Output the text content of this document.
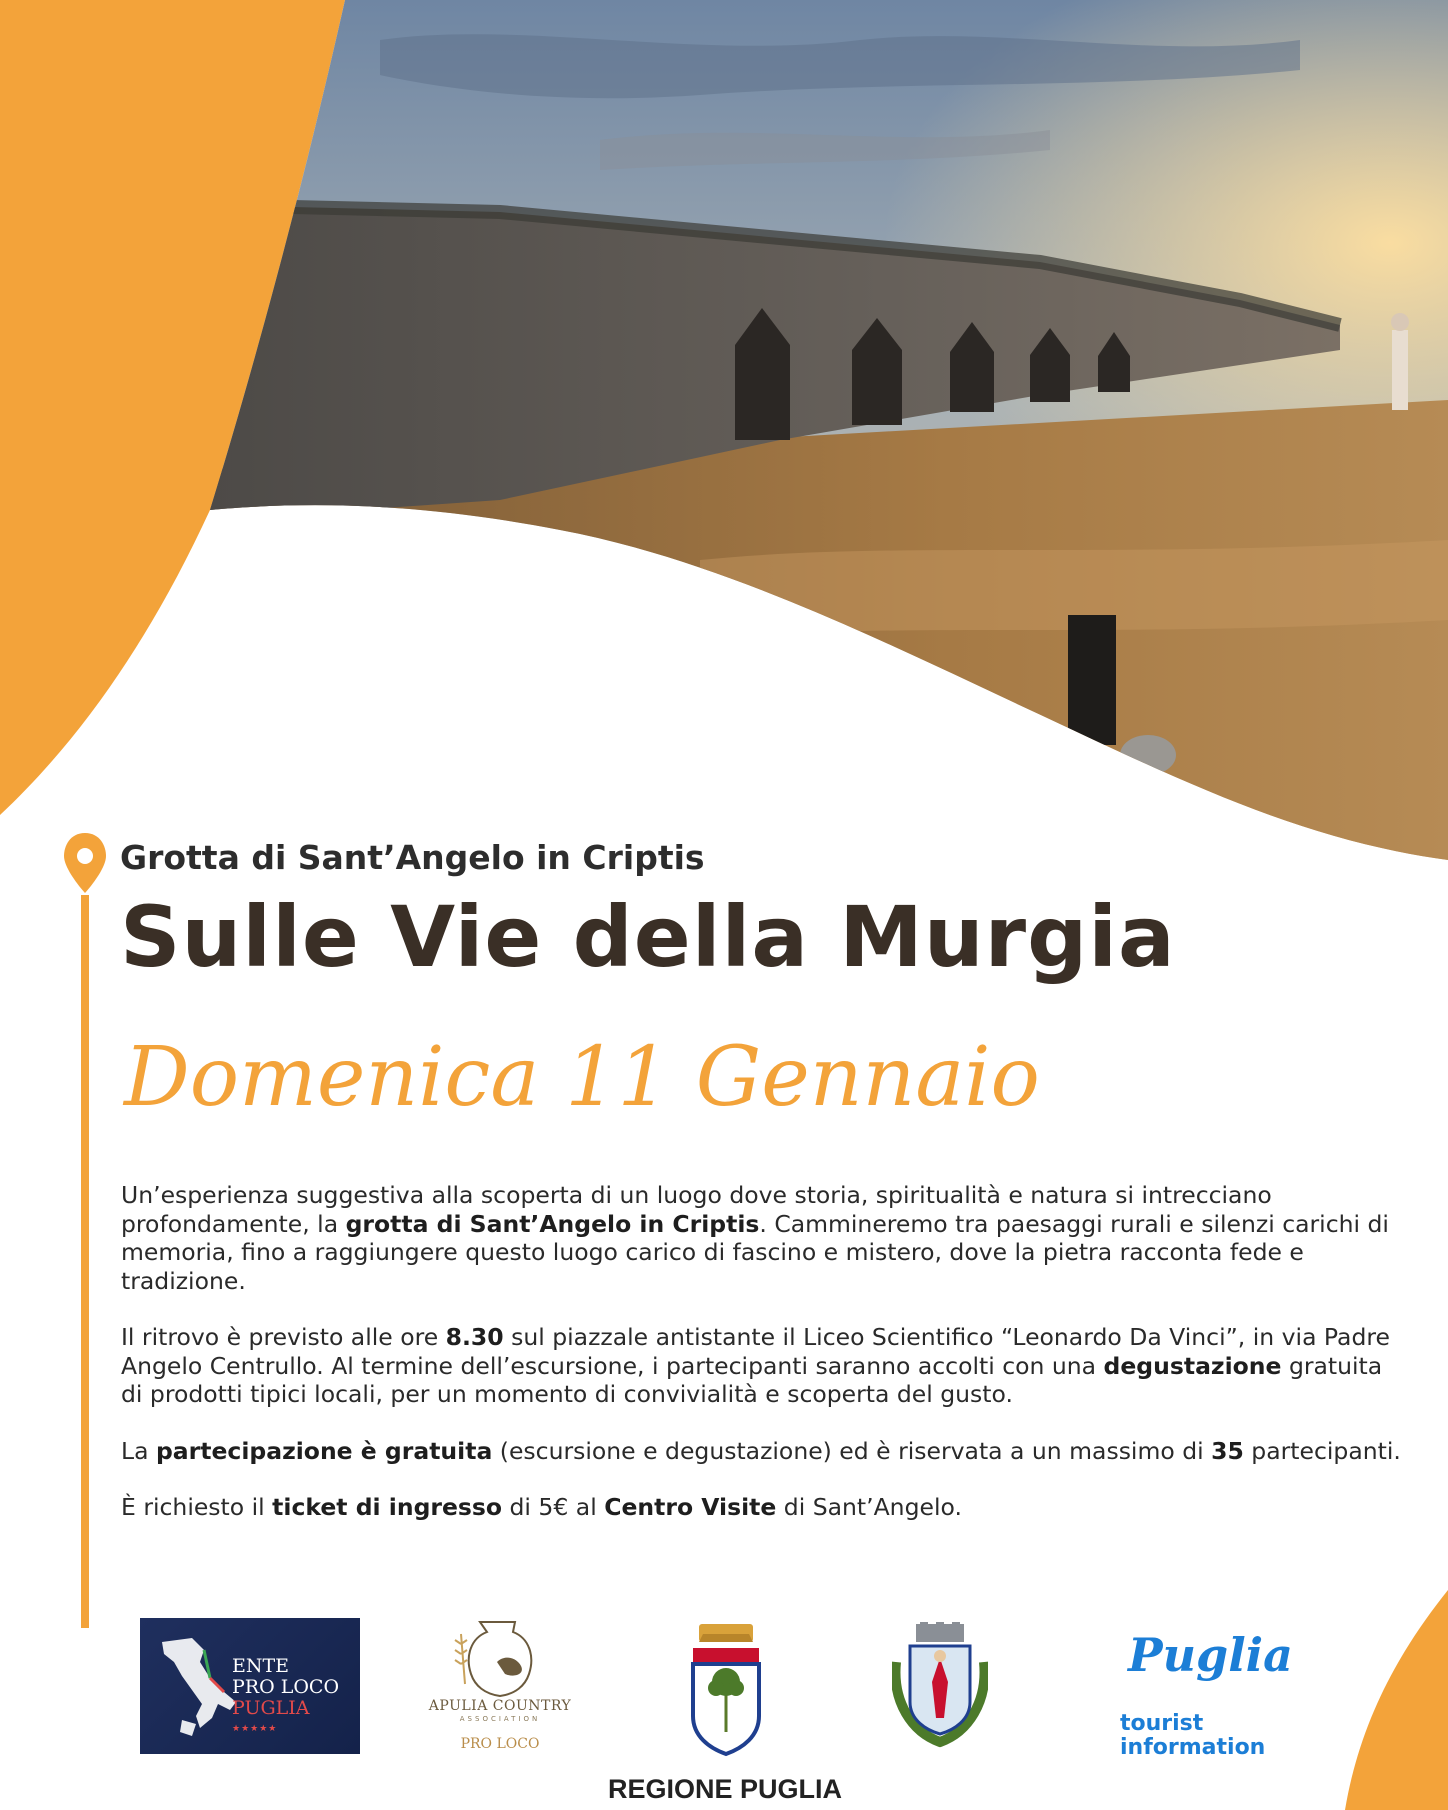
Grotta di Sant’Angelo in Criptis
Sulle Vie della Murgia
Domenica 11 Gennaio

Un’esperienza suggestiva alla scoperta di un luogo dove storia, spiritualità e natura si intrecciano profondamente, la grotta di Sant’Angelo in Criptis. Cammineremo tra paesaggi rurali e silenzi carichi di memoria, fino a raggiungere questo luogo carico di fascino e mistero, dove la pietra racconta fede e tradizione.

Il ritrovo è previsto alle ore 8.30 sul piazzale antistante il Liceo Scientifico “Leonardo Da Vinci”, in via Padre Angelo Centrullo. Al termine dell’escursione, i partecipanti saranno accolti con una degustazione gratuita di prodotti tipici locali, per un momento di convivialità e scoperta del gusto.

La partecipazione è gratuita (escursione e degustazione) ed è riservata a un massimo di 35 partecipanti.

È richiesto il ticket di ingresso di 5€ al Centro Visite di Sant’Angelo.

ENTE
PRO LOCO
PUGLIA
★★★★★
APULIA COUNTRY
ASSOCIATION
PRO LOCO
Puglia
tourist
information
REGIONE PUGLIA
